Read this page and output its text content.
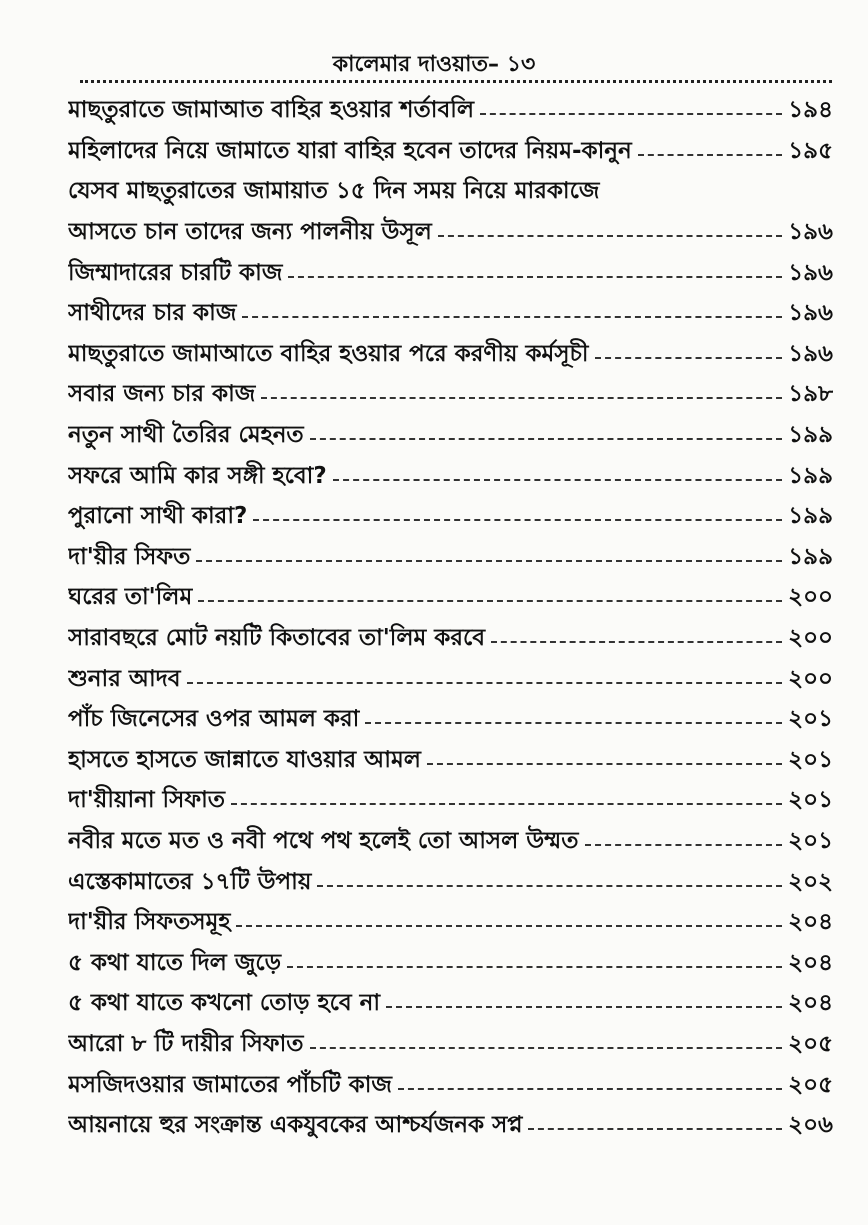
কালেমার দাওয়াত– ১৩
মাছতুরাতে জামাআত বাহির হওয়ার শর্তাবলি	১৯৪
মহিলাদের নিয়ে জামাতে যারা বাহির হবেন তাদের নিয়ম-কানুন	১৯৫
যেসব মাছতুরাতের জামায়াত ১৫ দিন সময় নিয়ে মারকাজে
আসতে চান তাদের জন্য পালনীয় উসূল	১৯৬
জিম্মাদারের চারটি কাজ	১৯৬
সাথীদের চার কাজ	১৯৬
মাছতুরাতে জামাআতে বাহির হওয়ার পরে করণীয় কর্মসূচী	১৯৬
সবার জন্য চার কাজ	১৯৮
নতুন সাথী তৈরির মেহনত	১৯৯
সফরে আমি কার সঙ্গী হবো?	১৯৯
পুরানো সাথী কারা?	১৯৯
দা'য়ীর সিফত	১৯৯
ঘরের তা'লিম	২০০
সারাবছরে মোট নয়টি কিতাবের তা'লিম করবে	২০০
শুনার আদব	২০০
পাঁচ জিনেসের ওপর আমল করা	২০১
হাসতে হাসতে জান্নাতে যাওয়ার আমল	২০১
দা'য়ীয়ানা সিফাত	২০১
নবীর মতে মত ও নবী পথে পথ হলেই তো আসল উম্মত	২০১
এস্তেকামাতের ১৭টি উপায়	২০২
দা'য়ীর সিফতসমূহ	২০৪
৫ কথা যাতে দিল জুড়ে	২০৪
৫ কথা যাতে কখনো তোড় হবে না	২০৪
আরো ৮ টি দায়ীর সিফাত	২০৫
মসজিদওয়ার জামাতের পাঁচটি কাজ	২০৫
আয়নায়ে হুর সংক্রান্ত একযুবকের আশ্চর্যজনক সপ্ন	২০৬
